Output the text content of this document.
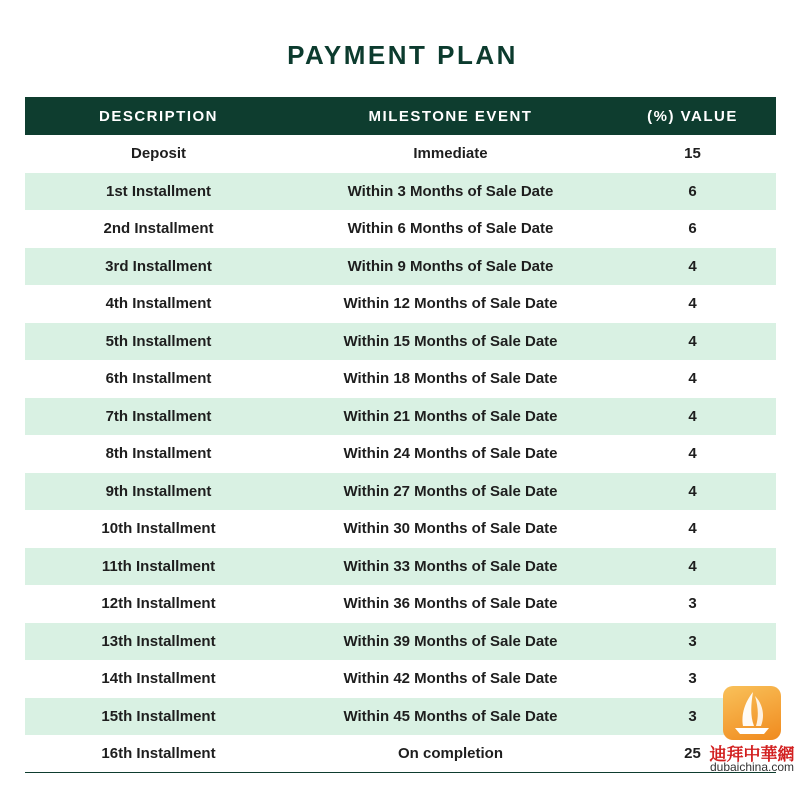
PAYMENT PLAN
DESCRIPTION	MILESTONE EVENT	(%) VALUE
Deposit	Immediate	15
1st Installment	Within 3 Months of Sale Date	6
2nd Installment	Within 6 Months of Sale Date	6
3rd Installment	Within 9 Months of Sale Date	4
4th Installment	Within 12 Months of Sale Date	4
5th Installment	Within 15 Months of Sale Date	4
6th Installment	Within 18 Months of Sale Date	4
7th Installment	Within 21 Months of Sale Date	4
8th Installment	Within 24 Months of Sale Date	4
9th Installment	Within 27 Months of Sale Date	4
10th Installment	Within 30 Months of Sale Date	4
11th Installment	Within 33 Months of Sale Date	4
12th Installment	Within 36 Months of Sale Date	3
13th Installment	Within 39 Months of Sale Date	3
14th Installment	Within 42 Months of Sale Date	3
15th Installment	Within 45 Months of Sale Date	3
16th Installment	On completion	25 迪拜中華網
dubaichina.com
